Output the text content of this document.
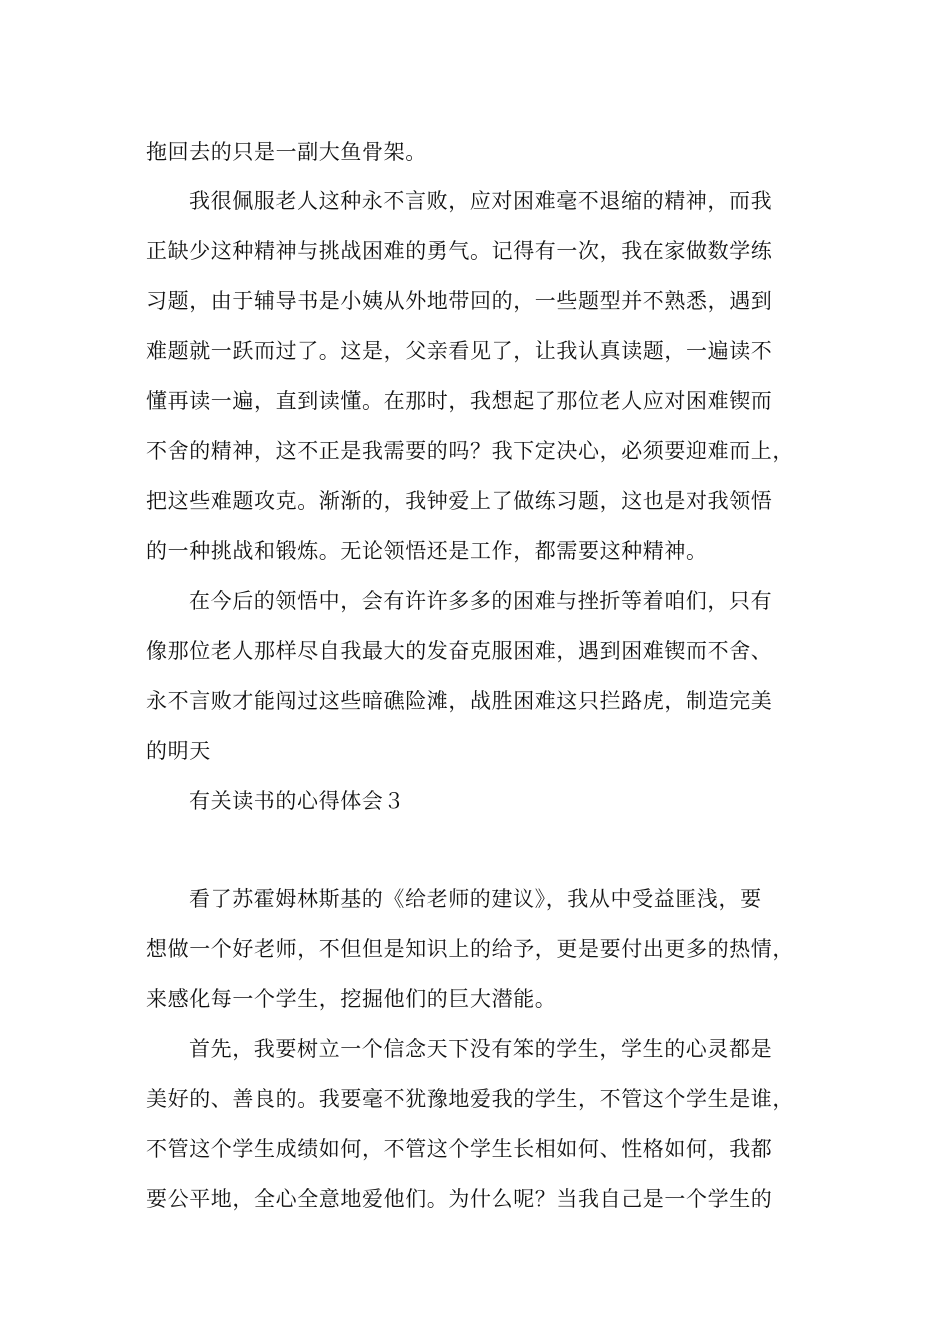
拖回去的只是一副大鱼骨架。
我很佩服老人这种永不言败，应对困难毫不退缩的精神，而我
正缺少这种精神与挑战困难的勇气。记得有一次，我在家做数学练
习题，由于辅导书是小姨从外地带回的，一些题型并不熟悉，遇到
难题就一跃而过了。这是，父亲看见了，让我认真读题，一遍读不
懂再读一遍，直到读懂。在那时，我想起了那位老人应对困难锲而
不舍的精神，这不正是我需要的吗？我下定决心，必须要迎难而上，
把这些难题攻克。渐渐的，我钟爱上了做练习题，这也是对我领悟
的一种挑战和锻炼。无论领悟还是工作，都需要这种精神。
在今后的领悟中，会有许许多多的困难与挫折等着咱们，只有
像那位老人那样尽自我最大的发奋克服困难，遇到困难锲而不舍、
永不言败才能闯过这些暗礁险滩，战胜困难这只拦路虎，制造完美
的明天
有关读书的心得体会３
看了苏霍姆林斯基的《给老师的建议》，我从中受益匪浅，要
想做一个好老师，不但但是知识上的给予，更是要付出更多的热情，
来感化每一个学生，挖掘他们的巨大潜能。
首先，我要树立一个信念天下没有笨的学生，学生的心灵都是
美好的、善良的。我要毫不犹豫地爱我的学生，不管这个学生是谁，
不管这个学生成绩如何，不管这个学生长相如何、性格如何，我都
要公平地，全心全意地爱他们。为什么呢？当我自己是一个学生的
